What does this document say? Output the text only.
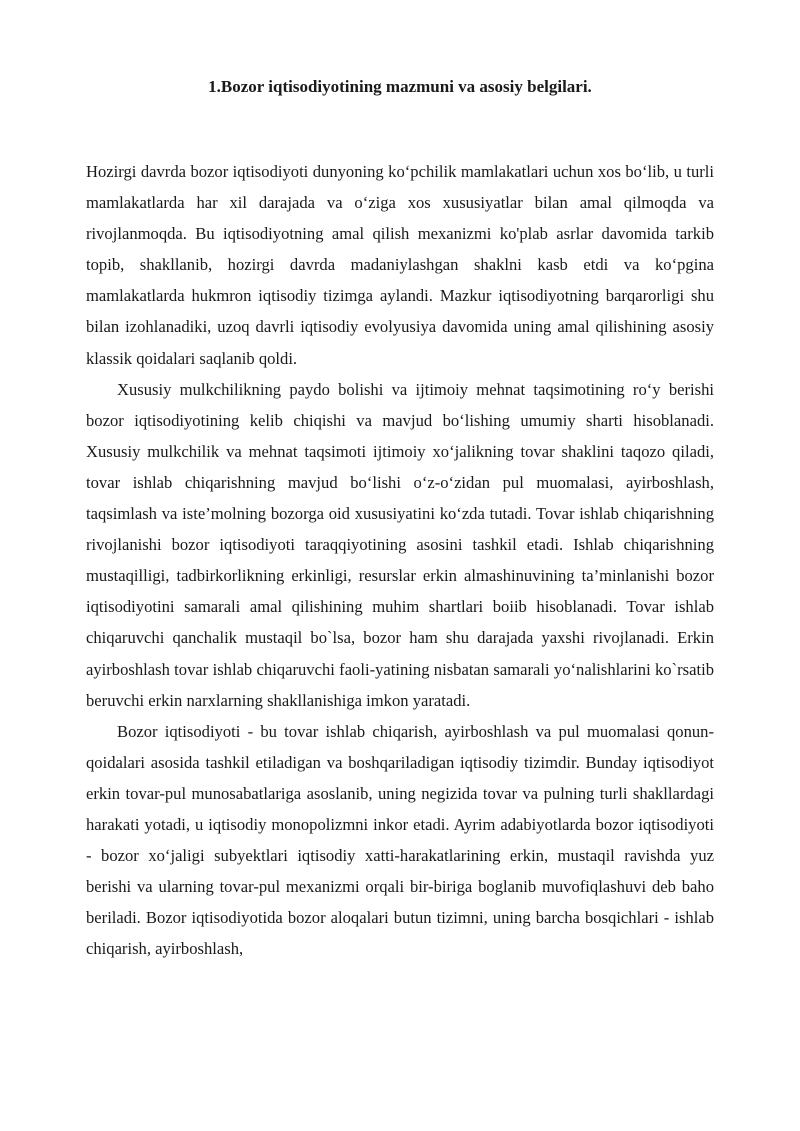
1.Bozor iqtisodiyotining mazmuni va asosiy belgilari.

Hozirgi davrda bozor iqtisodiyoti dunyoning ko‘pchilik mamlakatlari uchun xos bo‘lib, u turli mamlakatlarda har xil darajada va o‘ziga xos xususiyatlar bilan amal qilmoqda va rivojlanmoqda. Bu iqtisodiyotning amal qilish mexanizmi ko'plab asrlar davomida tarkib topib, shakllanib, hozirgi davrda madaniylashgan shaklni kasb etdi va ko‘pgina mamlakatlarda hukmron iqtisodiy tizimga aylandi. Mazkur iqtisodiyotning barqarorligi shu bilan izohlanadiki, uzoq davrli iqtisodiy evolyusiya davomida uning amal qilishining asosiy klassik qoidalari saqlanib qoldi.

Xususiy mulkchilikning paydo bolishi va ijtimoiy mehnat taqsimotining ro‘y berishi bozor iqtisodiyotining kelib chiqishi va mavjud bo‘lishing umumiy sharti hisoblanadi. Xususiy mulkchilik va mehnat taqsimoti ijtimoiy xo‘jalikning tovar shaklini taqozo qiladi, tovar ishlab chiqarishning mavjud bo‘lishi o‘z-o‘zidan pul muomalasi, ayirboshlash, taqsimlash va iste’molning bozorga oid xususiyatini ko‘zda tutadi. Tovar ishlab chiqarishning rivojlanishi bozor iqtisodiyoti taraqqiyotining asosini tashkil etadi. Ishlab chiqarishning mustaqilligi, tadbirkorlikning erkinligi, resurslar erkin almashinuvining ta’minlanishi bozor iqtisodiyotini samarali amal qilishining muhim shartlari boiib hisoblanadi. Tovar ishlab chiqaruvchi qanchalik mustaqil bo`lsa, bozor ham shu darajada yaxshi rivojlanadi. Erkin ayirboshlash tovar ishlab chiqaruvchi faoli-yatining nisbatan samarali yo‘nalishlarini ko`rsatib beruvchi erkin narxlarning shakllanishiga imkon yaratadi.

Bozor iqtisodiyoti - bu tovar ishlab chiqarish, ayirboshlash va pul muomalasi qonun-qoidalari asosida tashkil etiladigan va boshqariladigan iqtisodiy tizimdir. Bunday iqtisodiyot erkin tovar-pul munosabatlariga asoslanib, uning negizida tovar va pulning turli shakllardagi harakati yotadi, u iqtisodiy monopolizmni inkor etadi. Ayrim adabiyotlarda bozor iqtisodiyoti - bozor xo‘jaligi subyektlari iqtisodiy xatti-harakatlarining erkin, mustaqil ravishda yuz berishi va ularning tovar-pul mexanizmi orqali bir-biriga boglanib muvofiqlashuvi deb baho beriladi. Bozor iqtisodiyotida bozor aloqalari butun tizimni, uning barcha bosqichlari - ishlab chiqarish, ayirboshlash,
